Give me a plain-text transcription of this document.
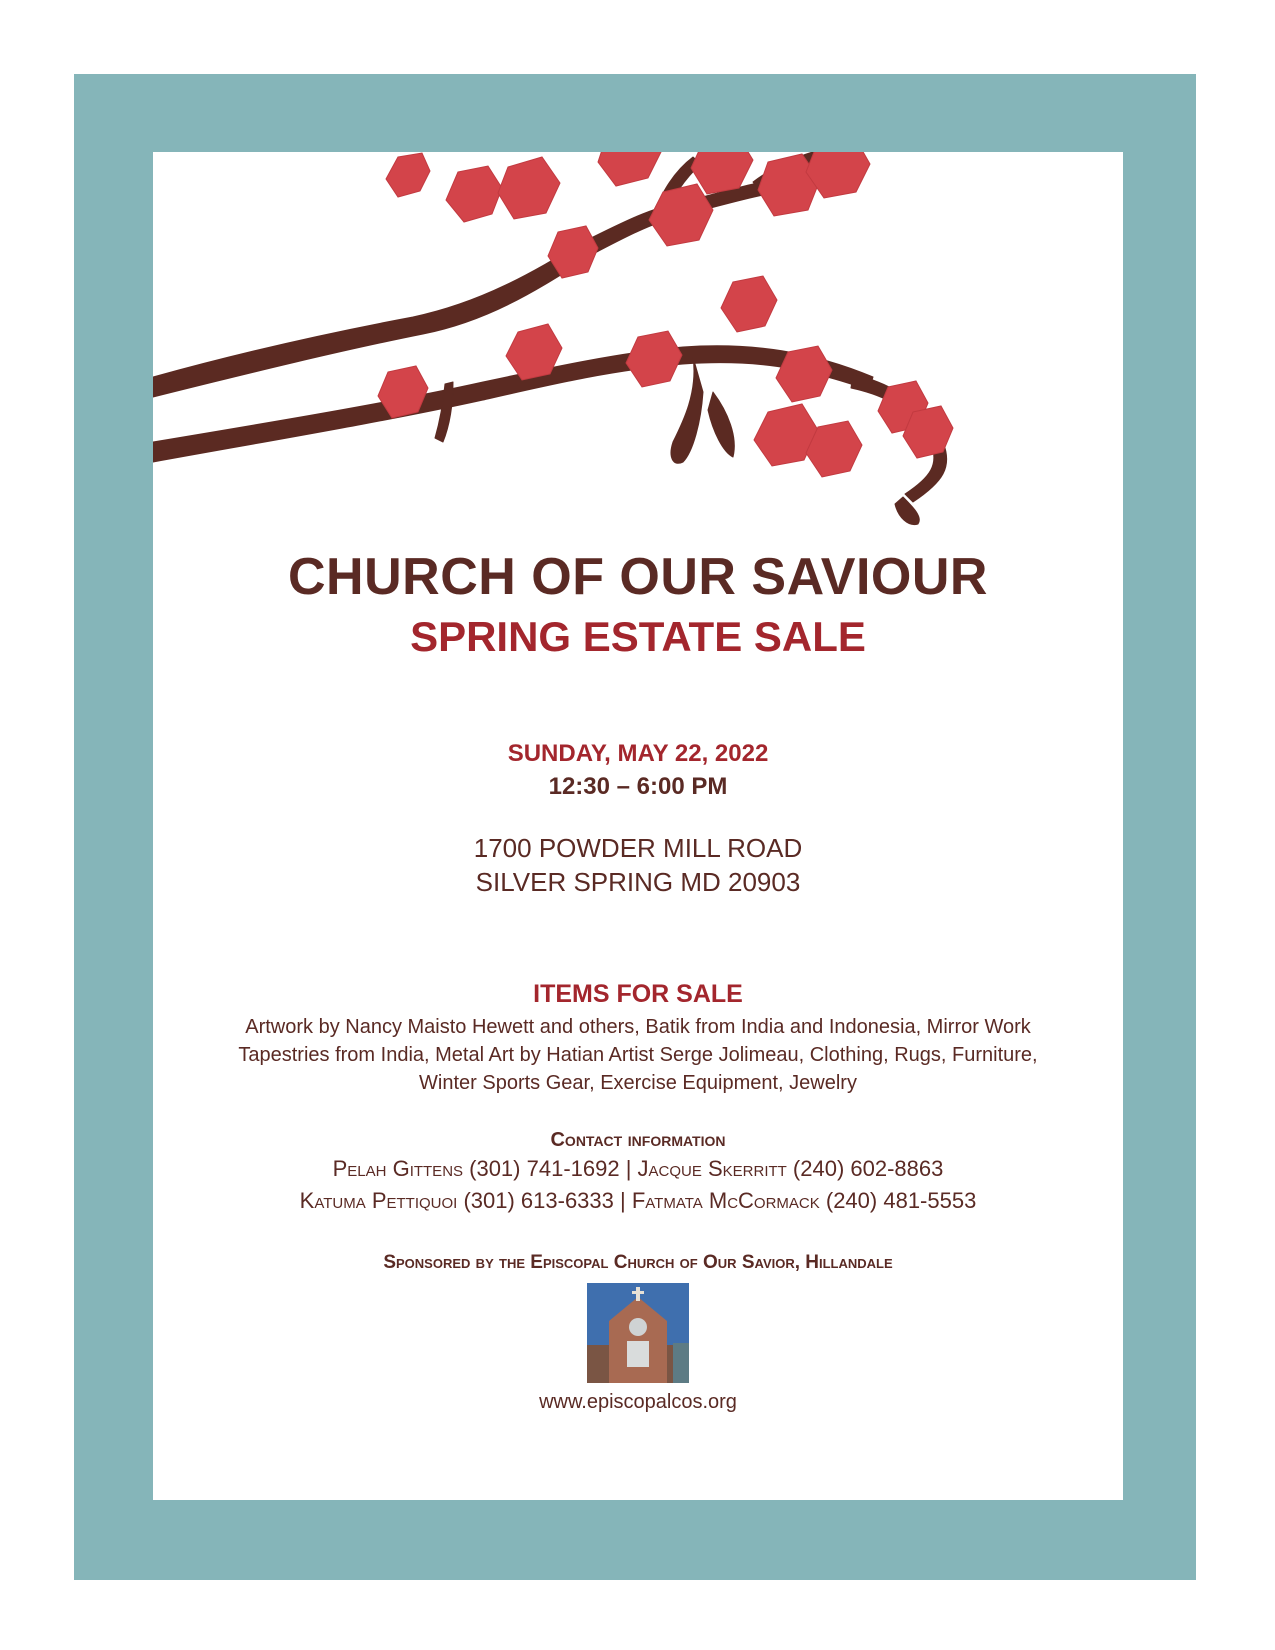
CHURCH OF OUR SAVIOUR
SPRING ESTATE SALE
SUNDAY, MAY 22, 2022
12:30 – 6:00 PM
1700 POWDER MILL ROAD
SILVER SPRING MD 20903
ITEMS FOR SALE
Artwork by Nancy Maisto Hewett and others, Batik from India and Indonesia, Mirror Work Tapestries from India, Metal Art by Hatian Artist Serge Jolimeau, Clothing, Rugs, Furniture, Winter Sports Gear, Exercise Equipment, Jewelry
Contact information
Pelah Gittens (301) 741-1692 | Jacque Skerritt (240) 602-8863
Katuma Pettiquoi (301) 613-6333 | Fatmata McCormack (240) 481-5553
Sponsored by the Episcopal Church of Our Savior, Hillandale
www.episcopalcos.org
